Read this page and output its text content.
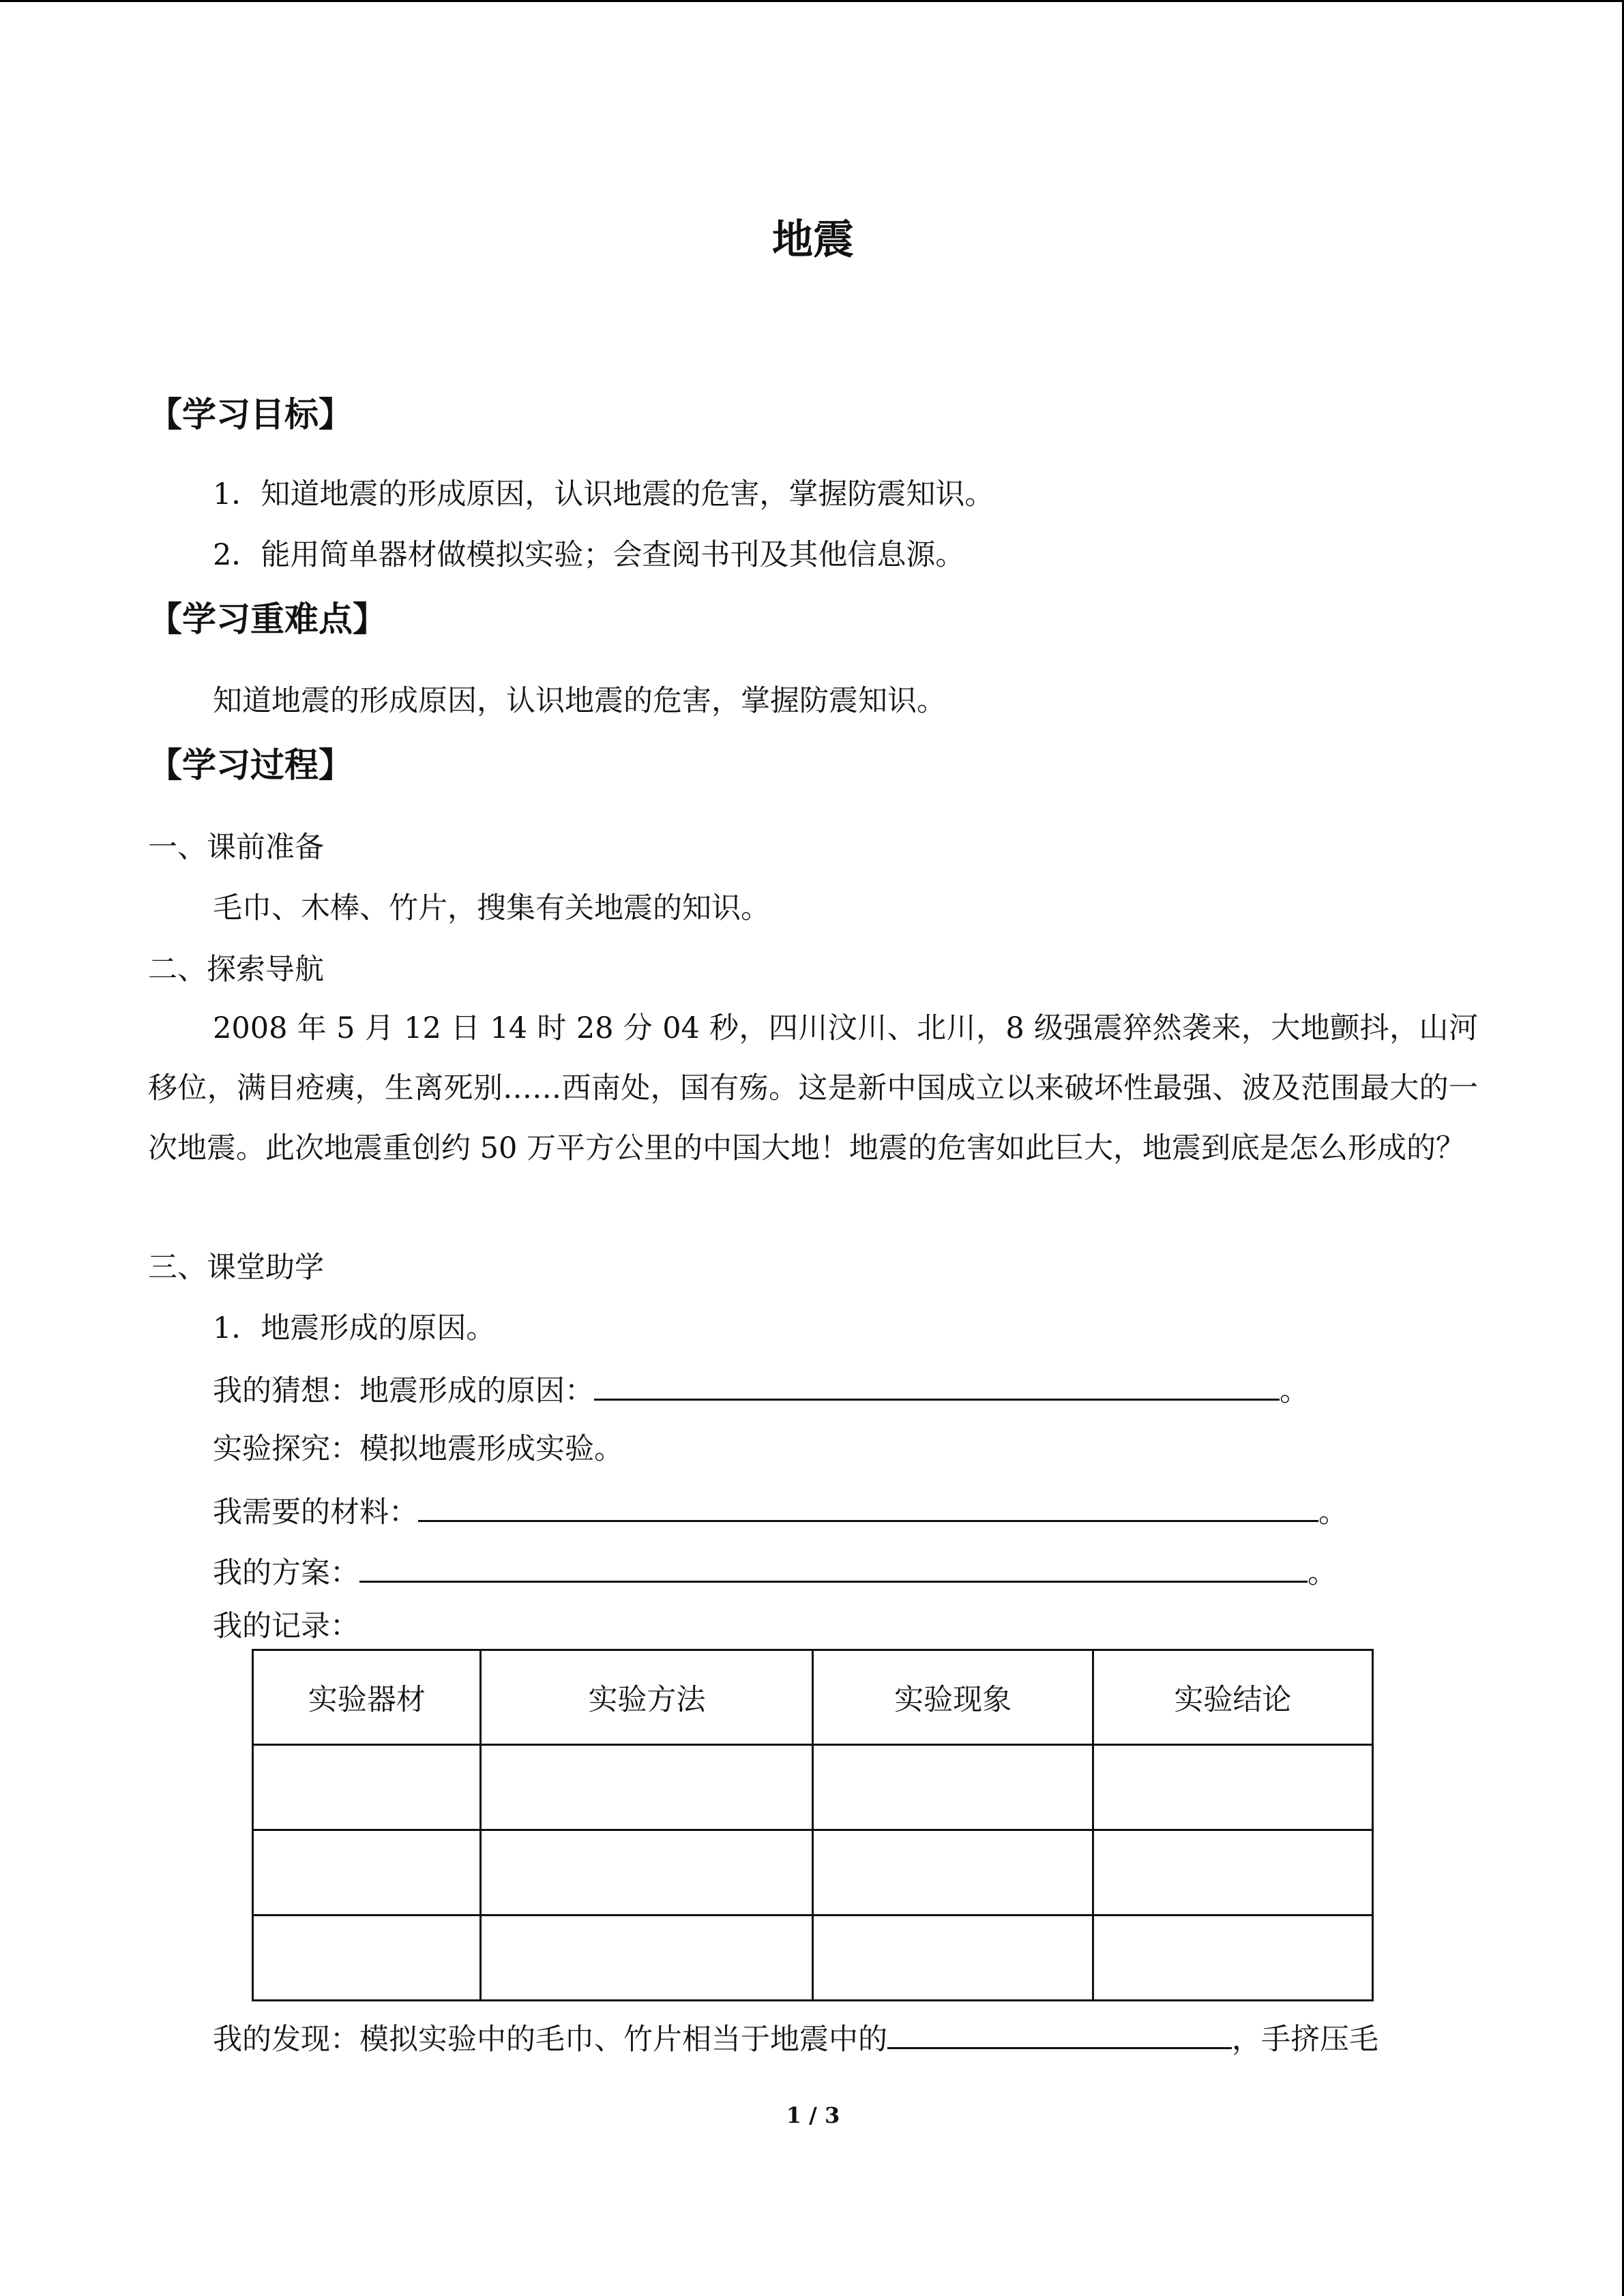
地震
【学习目标】
1．知道地震的形成原因，认识地震的危害，掌握防震知识。
2．能用简单器材做模拟实验；会查阅书刊及其他信息源。
【学习重难点】
知道地震的形成原因，认识地震的危害，掌握防震知识。
【学习过程】
一、课前准备
毛巾、木棒、竹片，搜集有关地震的知识。
二、探索导航
2008 年 5 月 12 日 14 时 28 分 04 秒，四川汶川、北川，8 级强震猝然袭来，大地颤抖，山河移位，满目疮痍，生离死别……西南处，国有殇。这是新中国成立以来破坏性最强、波及范围最大的一次地震。此次地震重创约 50 万平方公里的中国大地！地震的危害如此巨大，地震到底是怎么形成的？
三、课堂助学
1．地震形成的原因。
我的猜想：地震形成的原因：	。
实验探究：模拟地震形成实验。
我需要的材料：	。
我的方案：	。
我的记录：
实验器材	实验方法	实验现象	实验结论

我的发现：模拟实验中的毛巾、竹片相当于地震中的	，手挤压毛
1 / 3
